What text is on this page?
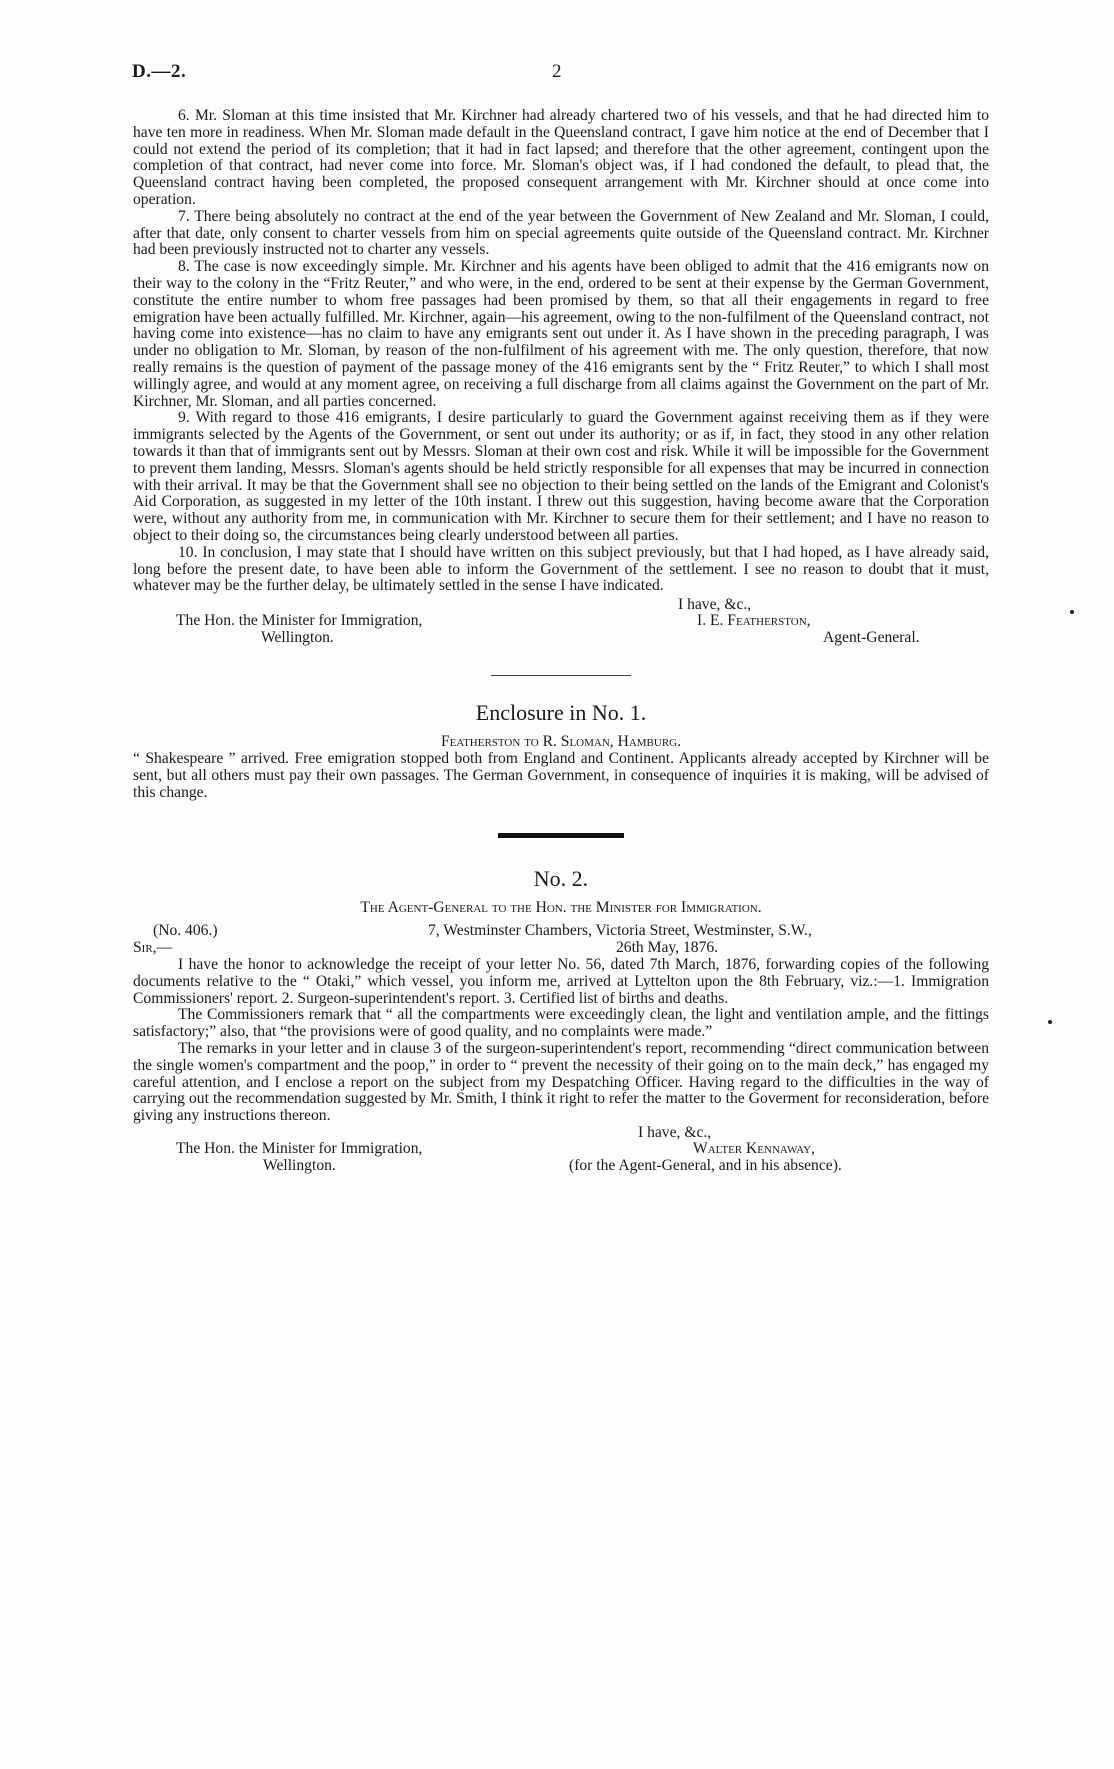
D.—2.	2

6. Mr. Sloman at this time insisted that Mr. Kirchner had already chartered two of his vessels, and that he had directed him to have ten more in readiness. When Mr. Sloman made default in the Queensland contract, I gave him notice at the end of December that I could not extend the period of its completion; that it had in fact lapsed; and therefore that the other agreement, contingent upon the completion of that contract, had never come into force. Mr. Sloman's object was, if I had condoned the default, to plead that, the Queensland contract having been completed, the proposed consequent arrangement with Mr. Kirchner should at once come into operation.

7. There being absolutely no contract at the end of the year between the Government of New Zealand and Mr. Sloman, I could, after that date, only consent to charter vessels from him on special agreements quite outside of the Queensland contract. Mr. Kirchner had been previously instructed not to charter any vessels.

8. The case is now exceedingly simple. Mr. Kirchner and his agents have been obliged to admit that the 416 emigrants now on their way to the colony in the “Fritz Reuter,” and who were, in the end, ordered to be sent at their expense by the German Government, constitute the entire number to whom free passages had been promised by them, so that all their engagements in regard to free emigration have been actually fulfilled. Mr. Kirchner, again—his agreement, owing to the non-fulfilment of the Queensland contract, not having come into existence—has no claim to have any emigrants sent out under it. As I have shown in the preceding paragraph, I was under no obligation to Mr. Sloman, by reason of the non-fulfilment of his agreement with me. The only question, therefore, that now really remains is the question of payment of the passage money of the 416 emigrants sent by the “ Fritz Reuter,” to which I shall most willingly agree, and would at any moment agree, on receiving a full discharge from all claims against the Government on the part of Mr. Kirchner, Mr. Sloman, and all parties concerned.

9. With regard to those 416 emigrants, I desire particularly to guard the Government against receiving them as if they were immigrants selected by the Agents of the Government, or sent out under its authority; or as if, in fact, they stood in any other relation towards it than that of immigrants sent out by Messrs. Sloman at their own cost and risk. While it will be impossible for the Government to prevent them landing, Messrs. Sloman's agents should be held strictly responsible for all expenses that may be incurred in connection with their arrival. It may be that the Government shall see no objection to their being settled on the lands of the Emigrant and Colonist's Aid Corporation, as suggested in my letter of the 10th instant. I threw out this suggestion, having become aware that the Corporation were, without any authority from me, in communication with Mr. Kirchner to secure them for their settlement; and I have no reason to object to their doing so, the circumstances being clearly understood between all parties.

10. In conclusion, I may state that I should have written on this subject previously, but that I had hoped, as I have already said, long before the present date, to have been able to inform the Government of the settlement. I see no reason to doubt that it must, whatever may be the further delay, be ultimately settled in the sense I have indicated.

I have, &c.,
The Hon. the Minister for Immigration,
Wellington.
I. E. Featherston,
Agent-General.
Enclosure in No. 1.
Featherston to R. Sloman, Hamburg.

“ Shakespeare ” arrived. Free emigration stopped both from England and Continent. Applicants already accepted by Kirchner will be sent, but all others must pay their own passages. The German Government, in consequence of inquiries it is making, will be advised of this change.

No. 2.
The Agent-General to the Hon. the Minister for Immigration.
(No. 406.)	7, Westminster Chambers, Victoria Street, Westminster, S.W.,
Sir,—	26th May, 1876.

I have the honor to acknowledge the receipt of your letter No. 56, dated 7th March, 1876, forwarding copies of the following documents relative to the “ Otaki,” which vessel, you inform me, arrived at Lyttelton upon the 8th February, viz.:—1. Immigration Commissioners' report. 2. Surgeon-superintendent's report. 3. Certified list of births and deaths.

The Commissioners remark that “ all the compartments were exceedingly clean, the light and ventilation ample, and the fittings satisfactory;” also, that “the provisions were of good quality, and no complaints were made.”

The remarks in your letter and in clause 3 of the surgeon-superintendent's report, recommending “direct communication between the single women's compartment and the poop,” in order to “ prevent the necessity of their going on to the main deck,” has engaged my careful attention, and I enclose a report on the subject from my Despatching Officer. Having regard to the difficulties in the way of carrying out the recommendation suggested by Mr. Smith, I think it right to refer the matter to the Goverment for reconsideration, before giving any instructions thereon.

I have, &c.,
The Hon. the Minister for Immigration,
Wellington.
Walter Kennaway,
(for the Agent-General, and in his absence).
